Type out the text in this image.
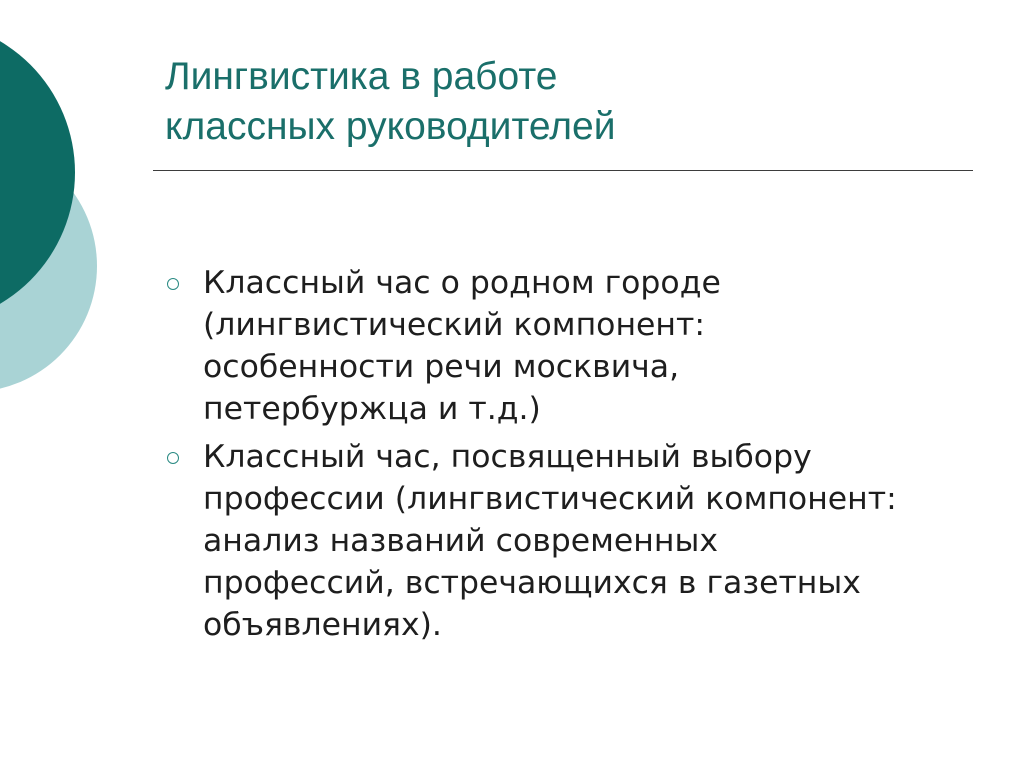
Лингвистика в работе
классных руководителей
Классный час о родном городе (лингвистический компонент: особенности речи москвича, петербуржца и т.д.)
Классный час, посвященный выбору профессии (лингвистический компонент: анализ названий современных профессий, встречающихся в газетных объявлениях).
